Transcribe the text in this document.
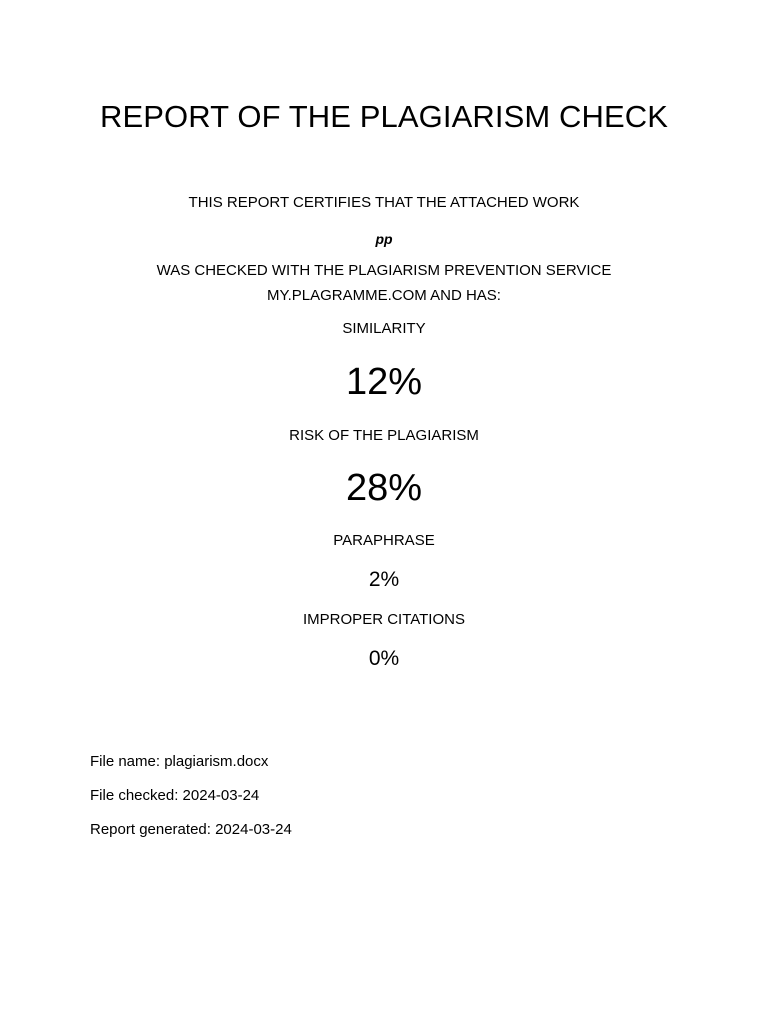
REPORT OF THE PLAGIARISM CHECK
THIS REPORT CERTIFIES THAT THE ATTACHED WORK
pp
WAS CHECKED WITH THE PLAGIARISM PREVENTION SERVICE
MY.PLAGRAMME.COM AND HAS:
SIMILARITY
12%
RISK OF THE PLAGIARISM
28%
PARAPHRASE
2%
IMPROPER CITATIONS
0%
File name: plagiarism.docx
File checked: 2024-03-24
Report generated: 2024-03-24
